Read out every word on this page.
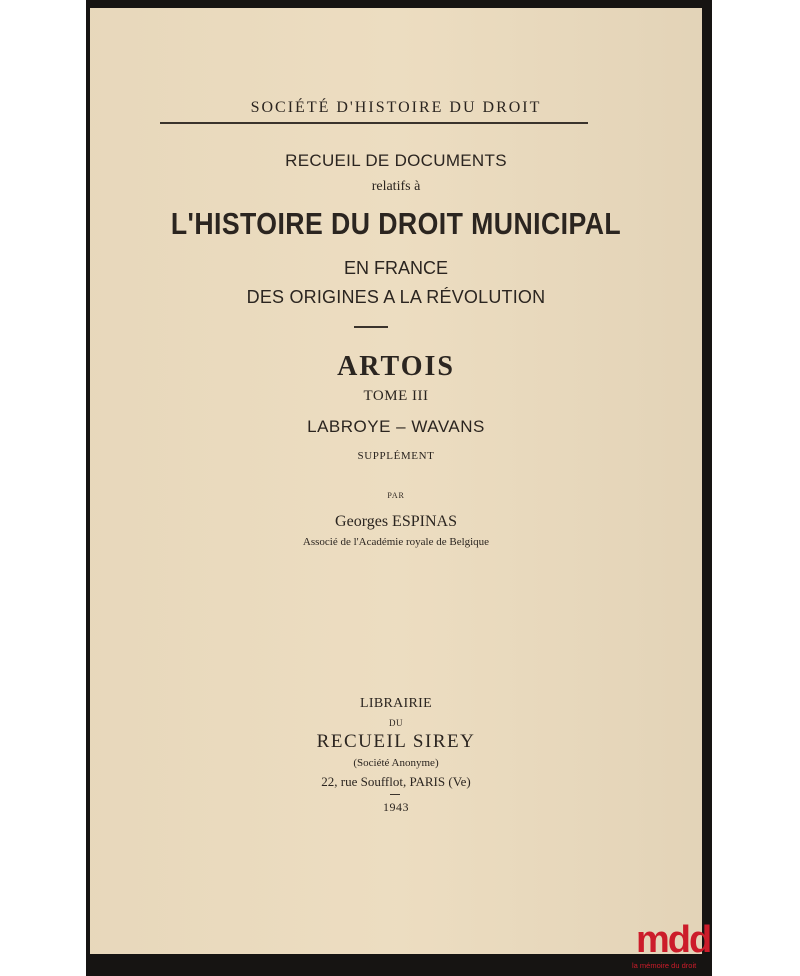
SOCIÉTÉ D'HISTOIRE DU DROIT
RECUEIL DE DOCUMENTS
relatifs à
L'HISTOIRE DU DROIT MUNICIPAL
EN FRANCE
DES ORIGINES A LA RÉVOLUTION
ARTOIS
TOME III
LABROYE – WAVANS
SUPPLÉMENT
PAR
Georges ESPINAS
Associé de l'Académie royale de Belgique
LIBRAIRIE
DU
RECUEIL SIREY
(Société Anonyme)
22, rue Soufflot, PARIS (Ve)
1943
mdd
la mémoire du droit
